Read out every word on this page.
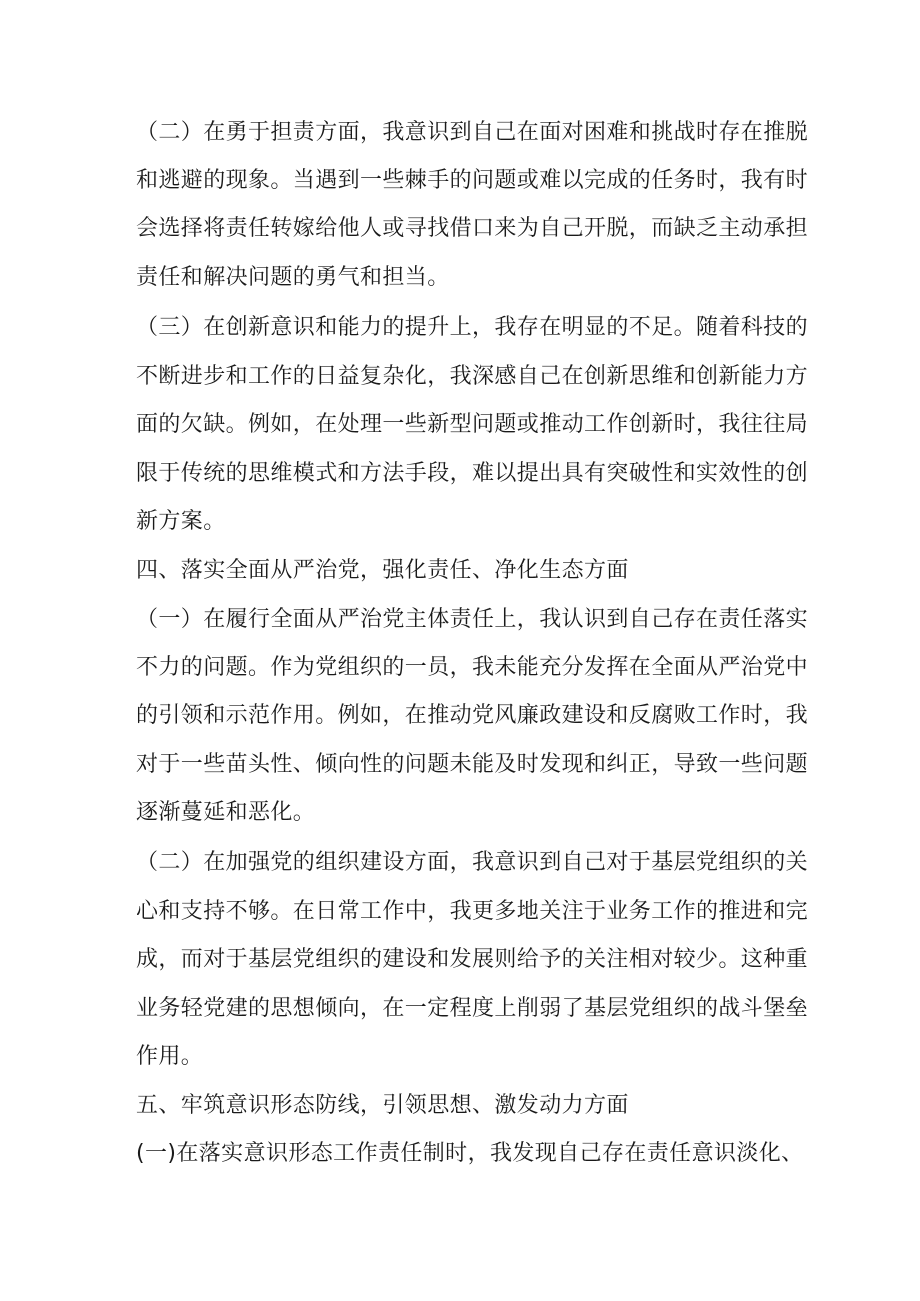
（二）在勇于担责方面，我意识到自己在面对困难和挑战时存在推脱
和逃避的现象。当遇到一些棘手的问题或难以完成的任务时，我有时
会选择将责任转嫁给他人或寻找借口来为自己开脱，而缺乏主动承担
责任和解决问题的勇气和担当。
（三）在创新意识和能力的提升上，我存在明显的不足。随着科技的
不断进步和工作的日益复杂化，我深感自己在创新思维和创新能力方
面的欠缺。例如，在处理一些新型问题或推动工作创新时，我往往局
限于传统的思维模式和方法手段，难以提出具有突破性和实效性的创
新方案。
四、落实全面从严治党，强化责任、净化生态方面
（一）在履行全面从严治党主体责任上，我认识到自己存在责任落实
不力的问题。作为党组织的一员，我未能充分发挥在全面从严治党中
的引领和示范作用。例如，在推动党风廉政建设和反腐败工作时，我
对于一些苗头性、倾向性的问题未能及时发现和纠正，导致一些问题
逐渐蔓延和恶化。
（二）在加强党的组织建设方面，我意识到自己对于基层党组织的关
心和支持不够。在日常工作中，我更多地关注于业务工作的推进和完
成，而对于基层党组织的建设和发展则给予的关注相对较少。这种重
业务轻党建的思想倾向，在一定程度上削弱了基层党组织的战斗堡垒
作用。
五、牢筑意识形态防线，引领思想、激发动力方面
(一)在落实意识形态工作责任制时，我发现自己存在责任意识淡化、
